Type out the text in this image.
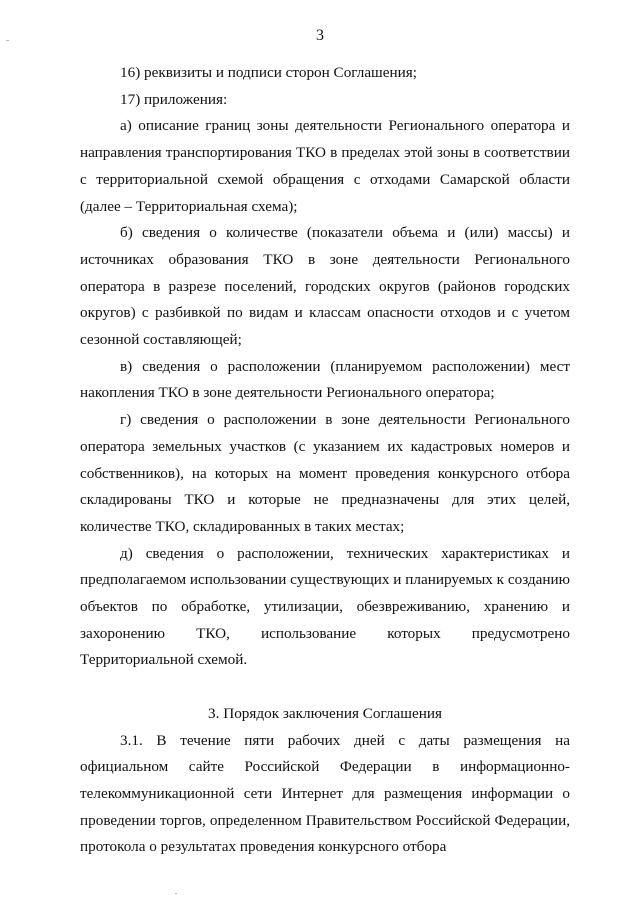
3

16) реквизиты и подписи сторон Соглашения;

17) приложения:

а) описание границ зоны деятельности Регионального оператора и направления транспортирования ТКО в пределах этой зоны в соответствии с территориальной схемой обращения с отходами Самарской области (далее – Территориальная схема);

б) сведения о количестве (показатели объема и (или) массы) и источниках образования ТКО в зоне деятельности Регионального оператора в разрезе поселений, городских округов (районов городских округов) с разбивкой по видам и классам опасности отходов и с учетом сезонной составляющей;

в) сведения о расположении (планируемом расположении) мест накопления ТКО в зоне деятельности Регионального оператора;

г) сведения о расположении в зоне деятельности Регионального оператора земельных участков (с указанием их кадастровых номеров и собственников), на которых на момент проведения конкурсного отбора складированы ТКО и которые не предназначены для этих целей, количестве ТКО, складированных в таких местах;

д) сведения о расположении, технических характеристиках и предполагаемом использовании существующих и планируемых к созданию объектов по обработке, утилизации, обезвреживанию, хранению и захоронению ТКО, использование которых предусмотрено Территориальной схемой.

3. Порядок заключения Соглашения

3.1. В течение пяти рабочих дней с даты размещения на официальном сайте Российской Федерации в информационно-телекоммуникационной сети Интернет для размещения информации о проведении торгов, определенном Правительством Российской Федерации, протокола о результатах проведения конкурсного отбора
